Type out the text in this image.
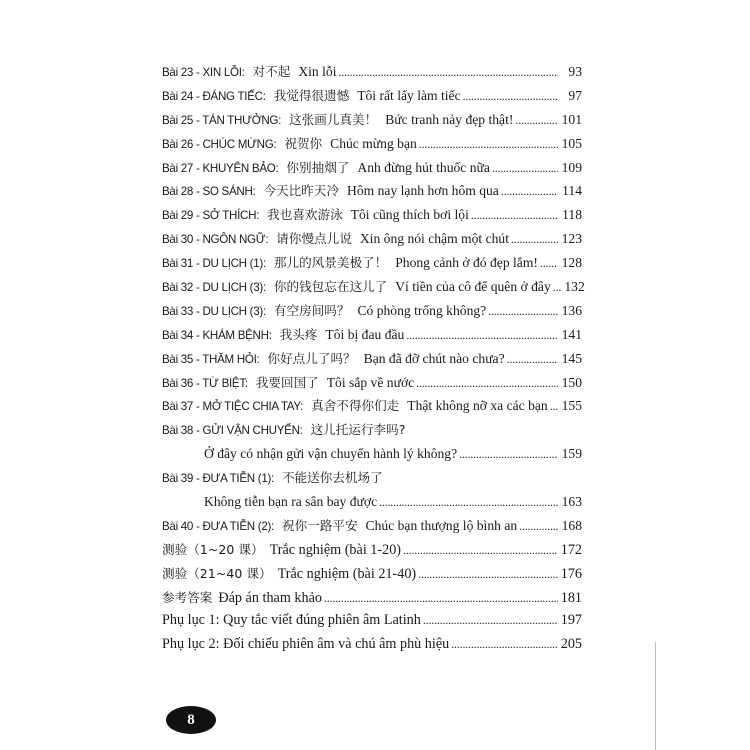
Bài 23 - XIN LỖI: 对不起 Xin lỗi . . .	93
Bài 24 - ĐÁNG TIẾC: 我觉得很遗憾 Tôi rất lấy làm tiếc . . .	97
Bài 25 - TÁN THƯỞNG: 这张画儿真美！ Bức tranh này đẹp thật! . . .	101
Bài 26 - CHÚC MỪNG: 祝贺你 Chúc mừng bạn . . .	105
Bài 27 - KHUYÊN BẢO: 你别抽烟了 Anh đừng hút thuốc nữa . . .	109
Bài 28 - SO SÁNH: 今天比昨天冷 Hôm nay lạnh hơn hôm qua . . .	114
Bài 29 - SỞ THÍCH: 我也喜欢游泳 Tôi cũng thích bơi lội . . .	118
Bài 30 - NGÔN NGỮ: 请你慢点儿说 Xin ông nói chậm một chút . . .	123
Bài 31 - DU LỊCH (1): 那儿的风景美极了！ Phong cảnh ở đó đẹp lắm! . . . 128
Bài 32 - DU LỊCH (3): 你的钱包忘在这儿了 Ví tiền của cô để quên ở đây . . . 132
Bài 33 - DU LỊCH (3): 有空房间吗？ Có phòng trống không? . . .	136
Bài 34 - KHÁM BỆNH: 我头疼 Tôi bị đau đầu . . .	141
Bài 35 - THĂM HỎI: 你好点儿了吗？ Bạn đã đỡ chút nào chưa? . . .	145
Bài 36 - TỪ BIỆT: 我要回国了 Tôi sắp về nước . . .	150
Bài 37 - MỞ TIỆC CHIA TAY: 真舍不得你们走 Thật không nỡ xa các bạn . . . 155
Bài 38 - GỬI VẬN CHUYỂN: 这儿托运行李吗?
Ở đây có nhận gửi vận chuyển hành lý không? . . .	159
Bài 39 - ĐƯA TIỄN (1): 不能送你去机场了
Không tiễn bạn ra sân bay được . . .	163
Bài 40 - ĐƯA TIỄN (2): 祝你一路平安 Chúc bạn thượng lộ bình an . . .	168
测验（1~20 课） Trắc nghiệm (bài 1-20) . . .	172
测验（21~40 课） Trắc nghiệm (bài 21-40) . . .	176
参考答案 Đáp án tham khảo . . .	181
Phụ lục 1: Quy tắc viết đúng phiên âm Latinh . . .	197
Phụ lục 2: Đối chiếu phiên âm và chú âm phù hiệu . . .	205
8
